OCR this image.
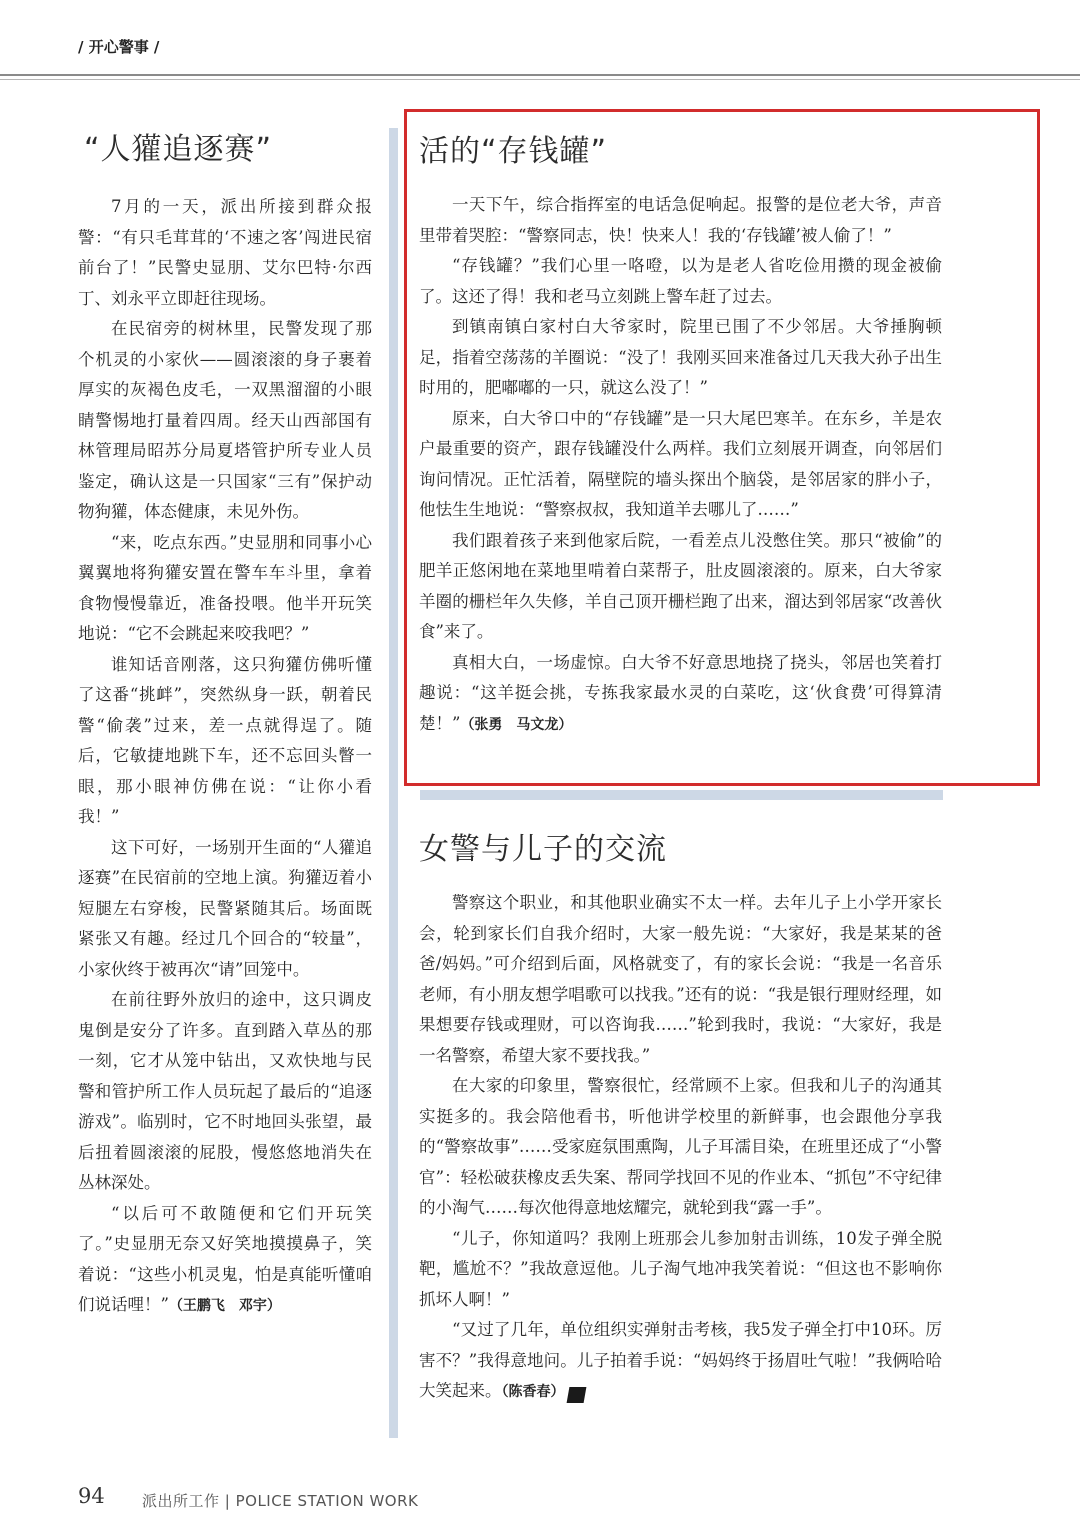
/ 开心警事 /
“人獾追逐赛”

7月的一天，派出所接到群众报警：“有只毛茸茸的‘不速之客’闯进民宿前台了！”民警史显朋、艾尔巴特·尔西丁、刘永平立即赶往现场。

在民宿旁的树林里，民警发现了那个机灵的小家伙——圆滚滚的身子裹着厚实的灰褐色皮毛，一双黑溜溜的小眼睛警惕地打量着四周。经天山西部国有林管理局昭苏分局夏塔管护所专业人员鉴定，确认这是一只国家“三有”保护动物狗獾，体态健康，未见外伤。

“来，吃点东西。”史显朋和同事小心翼翼地将狗獾安置在警车车斗里，拿着食物慢慢靠近，准备投喂。他半开玩笑地说：“它不会跳起来咬我吧？”

谁知话音刚落，这只狗獾仿佛听懂了这番“挑衅”，突然纵身一跃，朝着民警“偷袭”过来，差一点就得逞了。随后，它敏捷地跳下车，还不忘回头瞥一眼，那小眼神仿佛在说：“让你小看我！”

这下可好，一场别开生面的“人獾追逐赛”在民宿前的空地上演。狗獾迈着小短腿左右穿梭，民警紧随其后。场面既紧张又有趣。经过几个回合的“较量”，小家伙终于被再次“请”回笼中。

在前往野外放归的途中，这只调皮鬼倒是安分了许多。直到踏入草丛的那一刻，它才从笼中钻出，又欢快地与民警和管护所工作人员玩起了最后的“追逐游戏”。临别时，它不时地回头张望，最后扭着圆滚滚的屁股，慢悠悠地消失在丛林深处。

“以后可不敢随便和它们开玩笑了。”史显朋无奈又好笑地摸摸鼻子，笑着说：“这些小机灵鬼，怕是真能听懂咱们说话哩！”（王鹏飞　邓宇）

活的“存钱罐”

一天下午，综合指挥室的电话急促响起。报警的是位老大爷，声音里带着哭腔：“警察同志，快！快来人！我的‘存钱罐’被人偷了！”

“存钱罐？”我们心里一咯噔，以为是老人省吃俭用攒的现金被偷了。这还了得！我和老马立刻跳上警车赶了过去。

到镇南镇白家村白大爷家时，院里已围了不少邻居。大爷捶胸顿足，指着空荡荡的羊圈说：“没了！我刚买回来准备过几天我大孙子出生时用的，肥嘟嘟的一只，就这么没了！”

原来，白大爷口中的“存钱罐”是一只大尾巴寒羊。在东乡，羊是农户最重要的资产，跟存钱罐没什么两样。我们立刻展开调查，向邻居们询问情况。正忙活着，隔壁院的墙头探出个脑袋，是邻居家的胖小子，他怯生生地说：“警察叔叔，我知道羊去哪儿了……”

我们跟着孩子来到他家后院，一看差点儿没憋住笑。那只“被偷”的肥羊正悠闲地在菜地里啃着白菜帮子，肚皮圆滚滚的。原来，白大爷家羊圈的栅栏年久失修，羊自己顶开栅栏跑了出来，溜达到邻居家“改善伙食”来了。

真相大白，一场虚惊。白大爷不好意思地挠了挠头，邻居也笑着打趣说：“这羊挺会挑，专拣我家最水灵的白菜吃，这‘伙食费’可得算清楚！”（张勇　马文龙）

女警与儿子的交流

警察这个职业，和其他职业确实不太一样。去年儿子上小学开家长会，轮到家长们自我介绍时，大家一般先说：“大家好，我是某某的爸爸/妈妈。”可介绍到后面，风格就变了，有的家长会说：“我是一名音乐老师，有小朋友想学唱歌可以找我。”还有的说：“我是银行理财经理，如果想要存钱或理财，可以咨询我……”轮到我时，我说：“大家好，我是一名警察，希望大家不要找我。”

在大家的印象里，警察很忙，经常顾不上家。但我和儿子的沟通其实挺多的。我会陪他看书，听他讲学校里的新鲜事，也会跟他分享我的“警察故事”……受家庭氛围熏陶，儿子耳濡目染，在班里还成了“小警官”：轻松破获橡皮丢失案、帮同学找回不见的作业本、“抓包”不守纪律的小淘气……每次他得意地炫耀完，就轮到我“露一手”。

“儿子，你知道吗？我刚上班那会儿参加射击训练，10发子弹全脱靶，尴尬不？”我故意逗他。儿子淘气地冲我笑着说：“但这也不影响你抓坏人啊！”

“又过了几年，单位组织实弹射击考核，我5发子弹全打中10环。厉害不？”我得意地问。儿子拍着手说：“妈妈终于扬眉吐气啦！”我俩哈哈大笑起来。（陈香春）	P

94 派出所工作 | POLICE STATION WORK
